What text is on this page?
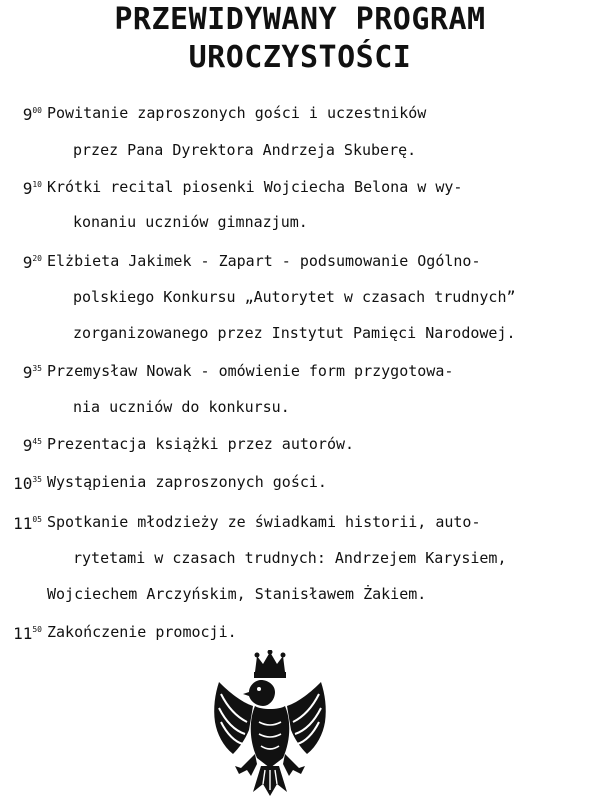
PRZEWIDYWANY PROGRAM
UROCZYSTOŚCI
$9^{00}$ Powitanie zaproszonych gości i uczestników
przez Pana Dyrektora Andrzeja Skuberę.
$9^{10}$ Krótki recital piosenki Wojciecha Belona w wy-
konaniu uczniów gimnazjum.
$9^{20}$ Elżbieta Jakimek - Zapart - podsumowanie Ogólno-
polskiego Konkursu „Autorytet w czasach trudnych”
zorganizowanego przez Instytut Pamięci Narodowej.
$9^{35}$ Przemysław Nowak - omówienie form przygotowa-
nia uczniów do konkursu.
$9^{45}$ Prezentacja książki przez autorów.
$10^{35}$ Wystąpienia zaproszonych gości.
$11^{05}$ Spotkanie młodzieży ze świadkami historii, auto-
rytetami w czasach trudnych: Andrzejem Karysiem,
Wojciechem Arczyńskim, Stanisławem Żakiem.
$11^{50}$ Zakończenie promocji.
